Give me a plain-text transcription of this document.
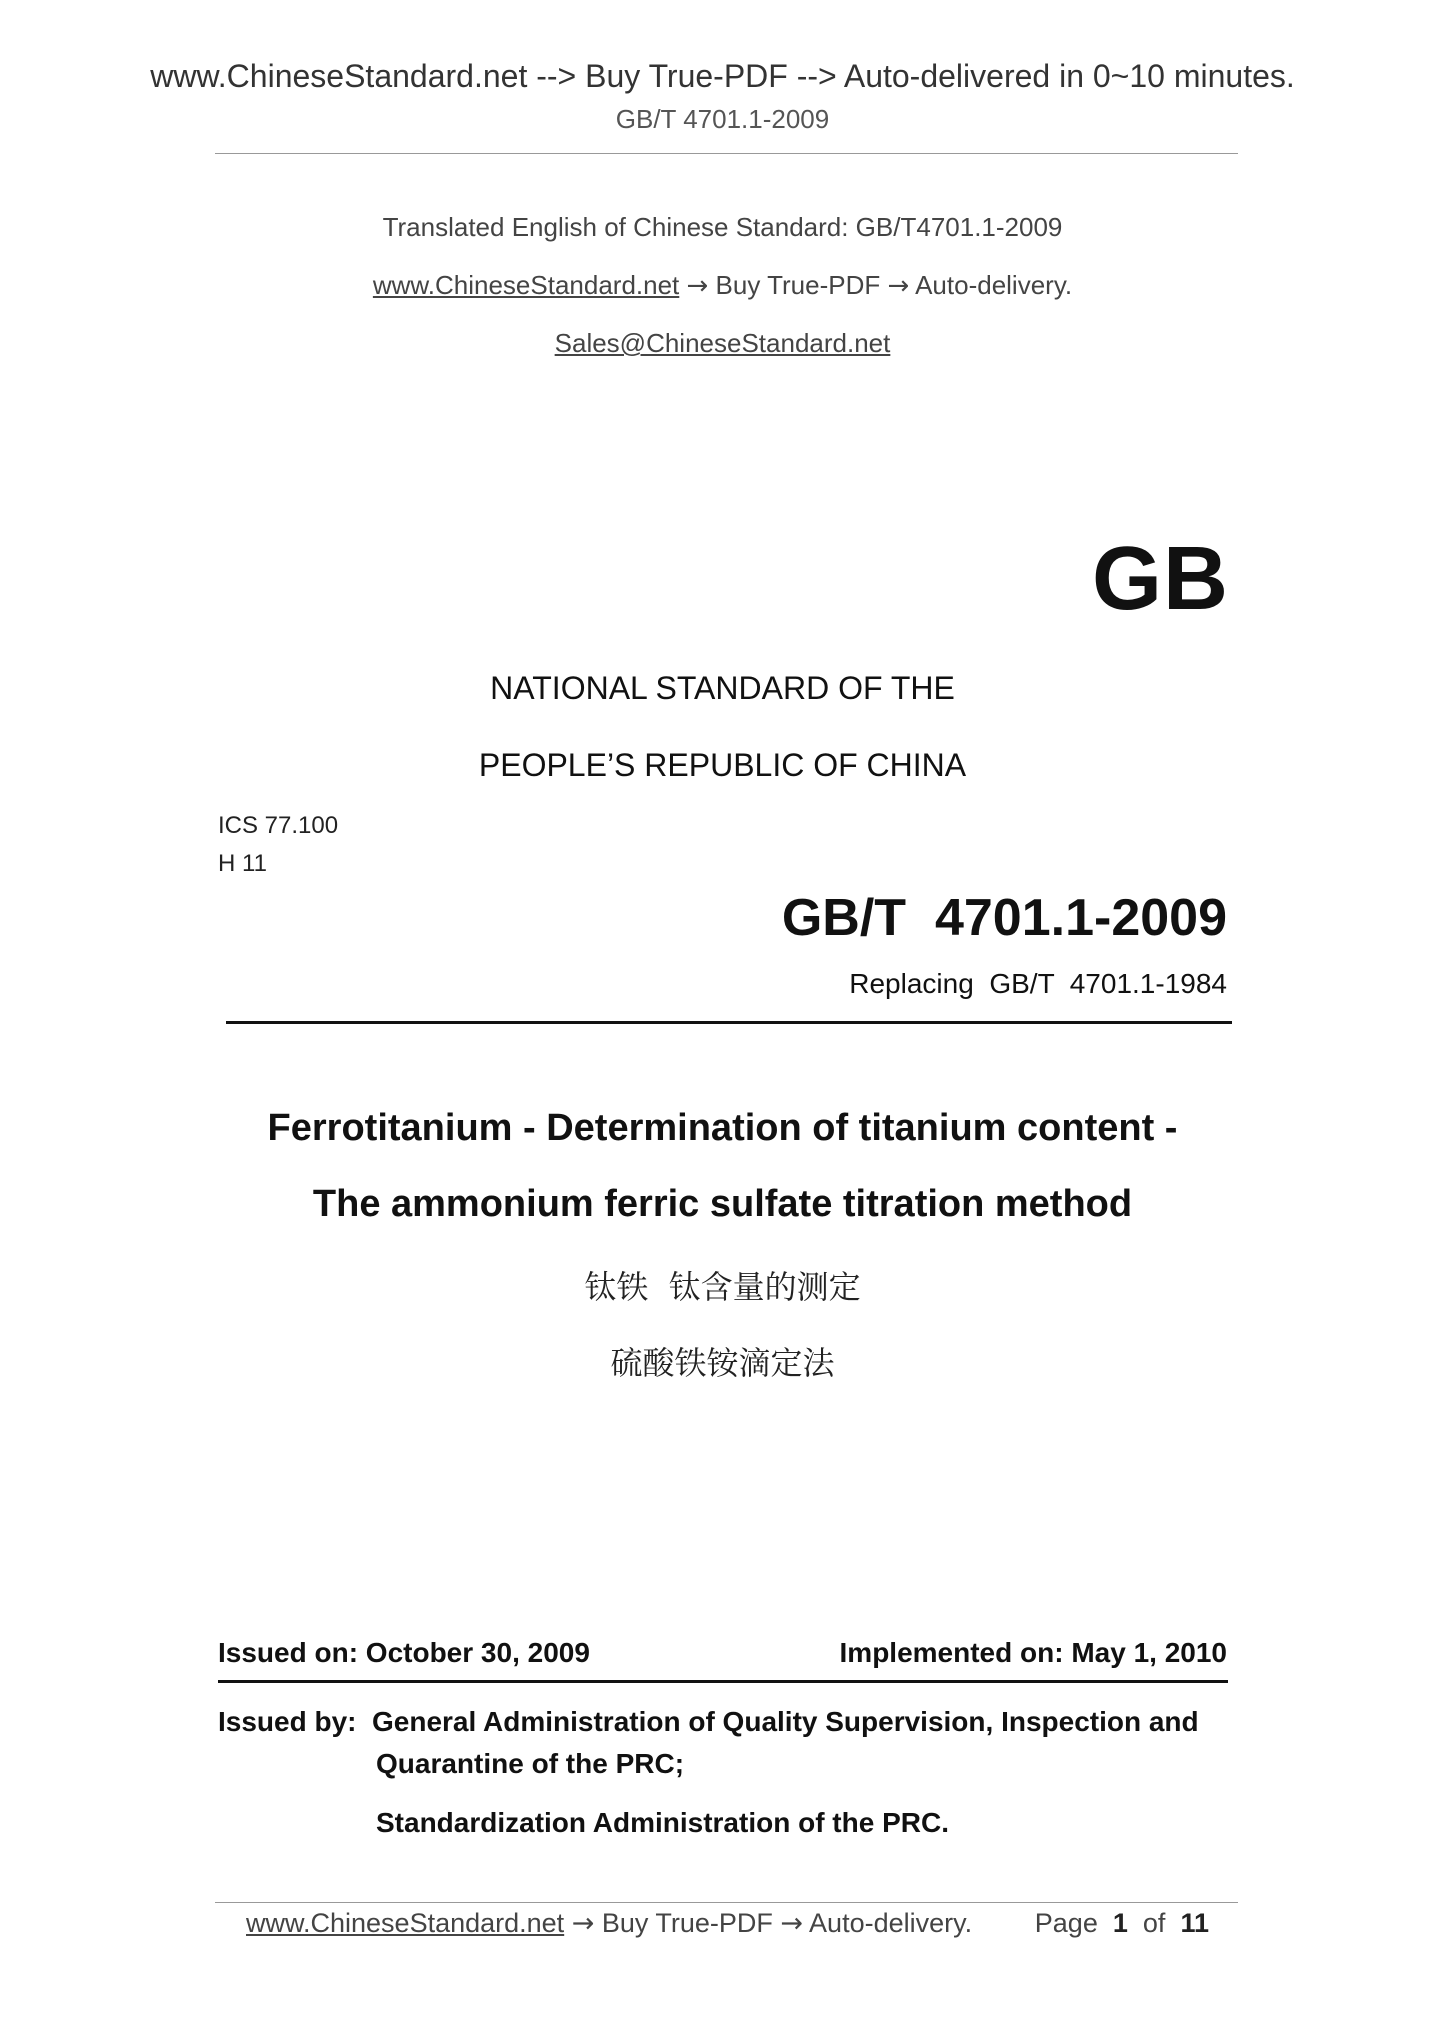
www.ChineseStandard.net --> Buy True-PDF --> Auto-delivered in 0~10 minutes.
GB/T 4701.1-2009
Translated English of Chinese Standard: GB/T4701.1-2009
www.ChineseStandard.net → Buy True-PDF → Auto-delivery.
Sales@ChineseStandard.net
GB
NATIONAL STANDARD OF THE
PEOPLE’S REPUBLIC OF CHINA
ICS 77.100
H 11
GB/T  4701.1-2009
Replacing  GB/T  4701.1-1984
Ferrotitanium - Determination of titanium content -
The ammonium ferric sulfate titration method
钛铁  钛含量的测定
硫酸铁铵滴定法
Issued on: October 30, 2009	Implemented on: May 1, 2010
Issued by: General Administration of Quality Supervision, Inspection and
Quarantine of the PRC;
Standardization Administration of the PRC.
www.ChineseStandard.net → Buy True-PDF → Auto-delivery. Page 1 of 11
